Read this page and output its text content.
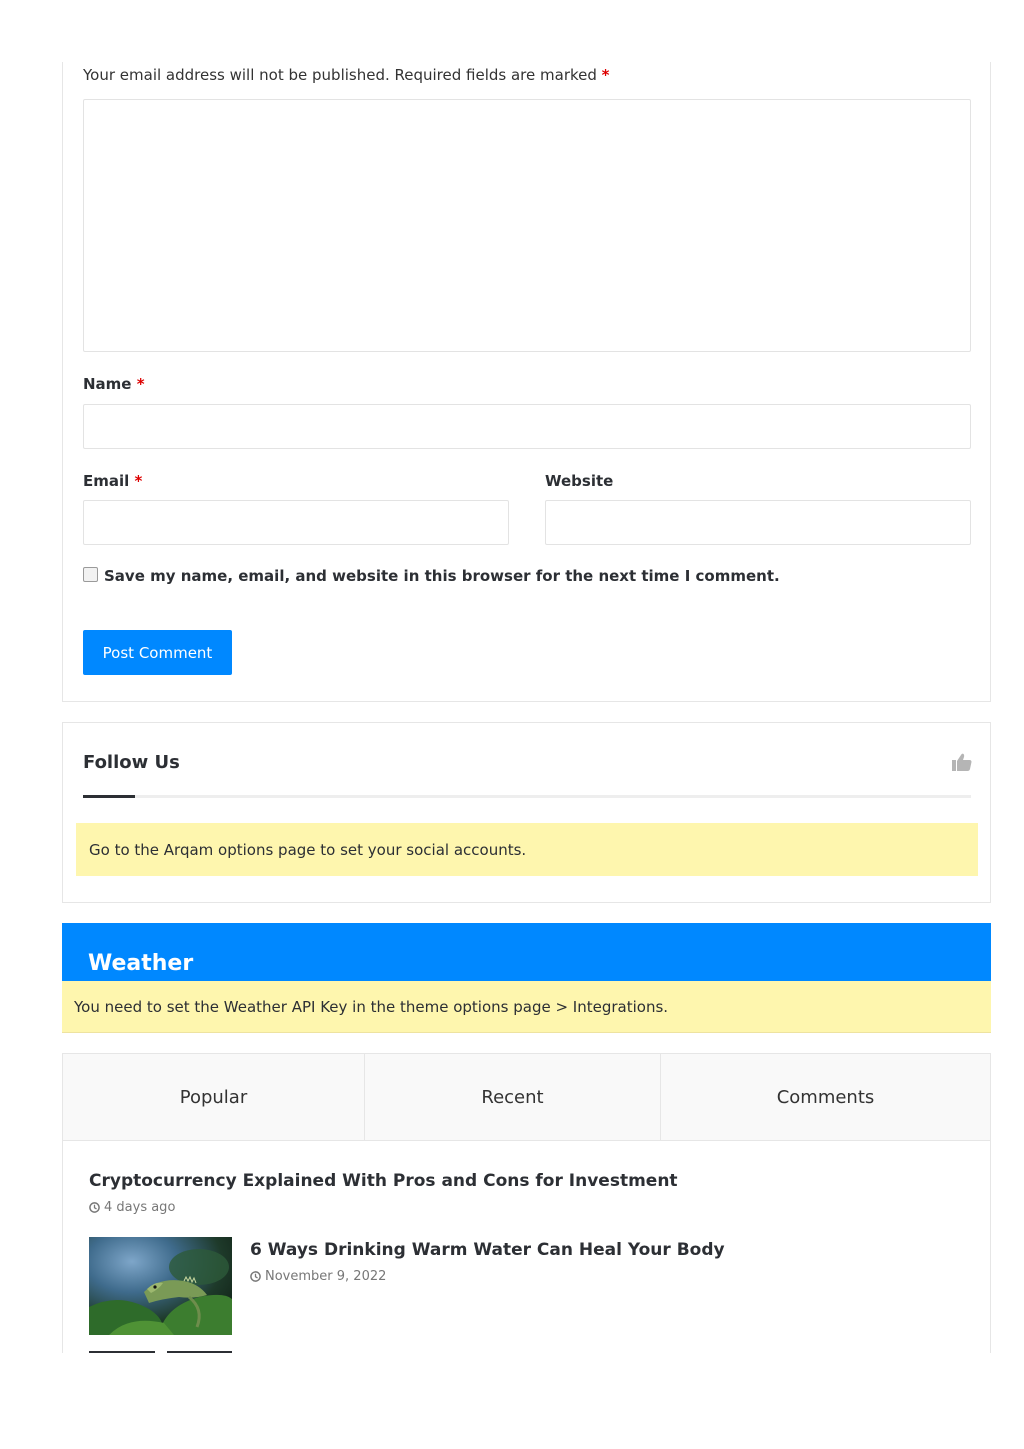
Your email address will not be published. Required fields are marked *

Name *
Email *	Website
Save my name, email, and website in this browser for the next time I comment.
Post Comment
Follow Us
Go to the Arqam options page to set your social accounts.
Weather
You need to set the Weather API Key in the theme options page > Integrations.
Popular	Recent	Comments
Cryptocurrency Explained With Pros and Cons for Investment
4 days ago
6 Ways Drinking Warm Water Can Heal Your Body
November 9, 2022
